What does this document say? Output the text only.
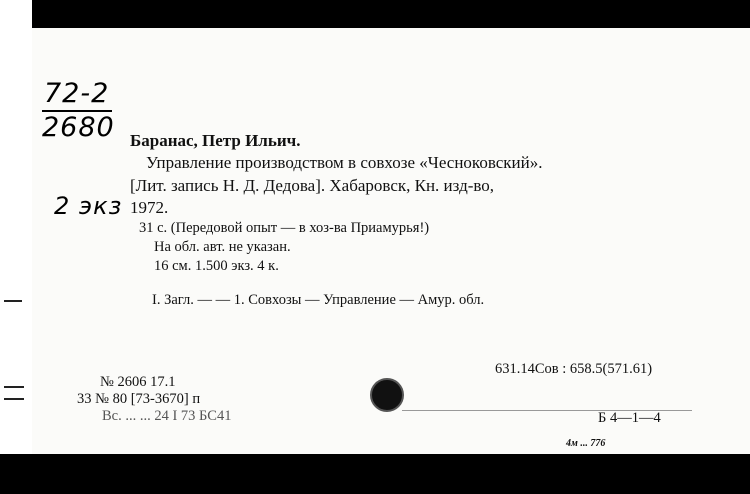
72-2
2680
2 экз
Баранас, Петр Ильич.
Управление производством в совхозе «Чесноковский».
[Лит. запись Н. Д. Дедова]. Хабаровск, Кн. изд-во,
1972.
31 с. (Передовой опыт — в хоз-ва Приамурья!)
На обл. авт. не указан.
16 см. 1.500 экз. 4 к.
I. Загл. — — 1. Совхозы — Управление — Амур. обл.
631.14Сов : 658.5(571.61)
№ 2606 17.1
33 № 80 [73-3670] п
Вс. ... ... 24 I 73 БС41	Б 4—1—4
4м ... 776
